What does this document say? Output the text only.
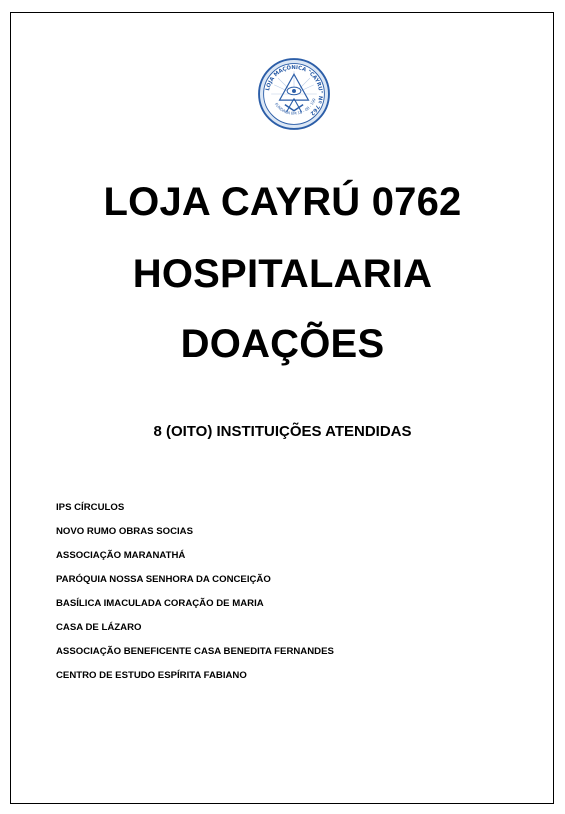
LOJA MAÇÔNICA "CAYRU" Nº 762
FUNDADA EM 18 - 08 - 199
LOJA CAYRÚ 0762
HOSPITALARIA
DOAÇÕES
8 (OITO) INSTITUIÇÕES ATENDIDAS
IPS CÍRCULOS
NOVO RUMO OBRAS SOCIAS
ASSOCIAÇÃO MARANATHÁ
PARÓQUIA NOSSA SENHORA DA CONCEIÇÃO
BASÍLICA IMACULADA CORAÇÃO DE MARIA
CASA DE LÁZARO
ASSOCIAÇÃO BENEFICENTE CASA BENEDITA FERNANDES
CENTRO DE ESTUDO ESPÍRITA FABIANO
